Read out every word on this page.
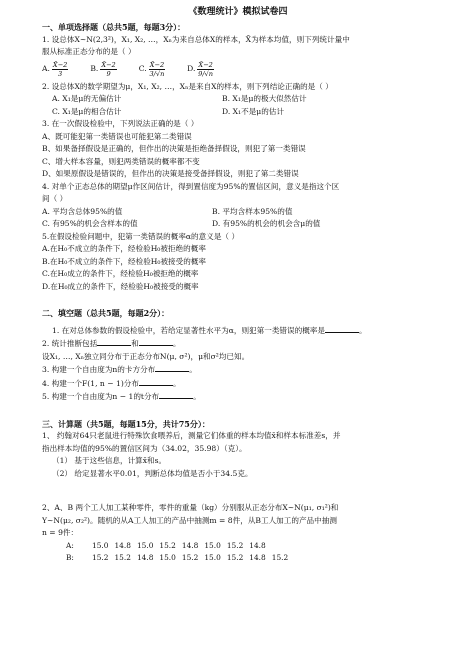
《数理统计》模拟试卷四
一、单项选择题（总共5题，每题3分）：
1. 设总体X~N(2,3²)，X₁, X₂, …，Xₙ为来自总体X的样本，X̄为样本均值，则下列统计量中
服从标准正态分布的是（ ）
A. X̄−2
3
B. X̄−2
9
C. X̄−2
3/√n
D. X̄−2
9/√n
2. 设总体X的数学期望为μ，X₁, X₂, …，Xₙ是来自X的样本，则下列结论正确的是（ ）
A. X₁是μ的无偏估计	B. X₁是μ的极大似然估计
C. X₁是μ的相合估计	D. X₁不是μ的估计
3. 在一次假设检验中，下列说法正确的是（ ）
A、既可能犯第一类错误也可能犯第二类错误
B、如果备择假设是正确的，但作出的决策是拒绝备择假设，则犯了第一类错误
C、增大样本容量，则犯两类错误的概率都不变
D、如果原假设是错误的，但作出的决策是接受备择假设，则犯了第二类错误
4. 对单个正态总体的期望μ作区间估计，得到置信度为95%的置信区间，意义是指这个区
间（ ）
A. 平均含总体95%的值	B. 平均含样本95%的值
C. 有95%的机会含样本的值	D. 有95%的机会的机会含μ的值
5.在假设检验问题中，犯第一类错误的概率α的意义是（ ）
A.在H₀不成立的条件下，经检验H₀被拒绝的概率
B.在H₀不成立的条件下，经检验H₀被接受的概率
C.在H₀成立的条件下，经检验H₀被拒绝的概率
D.在H₀成立的条件下，经检验H₀被接受的概率
二、填空题（总共5题，每题2分）：
1. 在对总体参数的假设检验中，若给定显著性水平为α，则犯第一类错误的概率是	。
2. 统计推断包括	和	。
设X₁, …, Xₙ独立同分布于正态分布N(μ, σ²)，μ和σ²均已知。
3. 构建一个自由度为n的卡方分布	。
4. 构建一个F(1, n − 1)分布	。
5. 构建一个自由度为n − 1的t分布	。
三、计算题（共5题，每题15分，共计75分）：
1、 约翰对64只老鼠进行特殊饮食喂养后，测量它们体重的样本均值x̄和样本标准差s，并
指出样本均值的95%的置信区间为（34.02，35.98）（克）。
（1） 基于这些信息，计算x̄和s。
（2） 给定显著水平0.01，判断总体均值是否小于34.5克。
2、A、B 两个工人加工某种零件，零件的重量（kg）分别服从正态分布X~N(μ₁, σ₁²)和
Y~N(μ₂, σ₂²)。随机的从A工人加工的产品中抽测m = 8件，从B工人加工的产品中抽测
n = 9件：
A:	15.0	14.8	15.0	15.2	14.8	15.0	15.2	14.8	
B:	15.2	15.2	14.8	15.0	15.2	15.0	15.2	14.8	15.2
